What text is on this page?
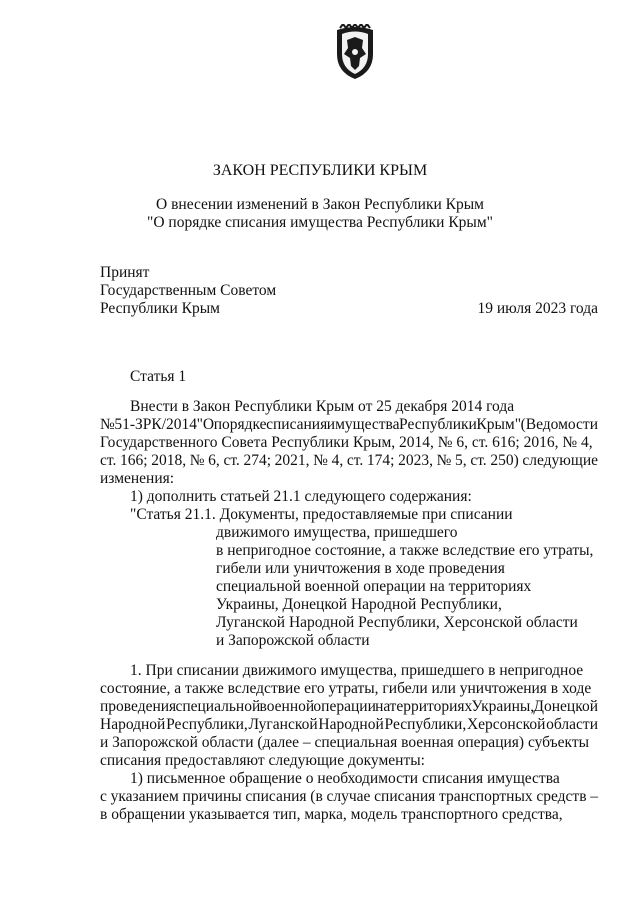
ЗАКОН РЕСПУБЛИКИ КРЫМ
О внесении изменений в Закон Республики Крым
"О порядке списания имущества Республики Крым"
Принят
Государственным Советом
Республики Крым	19 июля 2023 года
Статья 1
Внести в Закон Республики Крым от 25 декабря 2014 года
№ 51-ЗРК/2014 "О порядке списания имущества Республики Крым" (Ведомости
Государственного Совета Республики Крым, 2014, № 6, ст. 616; 2016, № 4,
ст. 166; 2018, № 6, ст. 274; 2021, № 4, ст. 174; 2023, № 5, ст. 250) следующие
изменения:
1) дополнить статьей 21.1 следующего содержания:
"Статья 21.1. Документы, предоставляемые при списании
движимого имущества, пришедшего
в непригодное состояние, а также вследствие его утраты,
гибели или уничтожения в ходе проведения
специальной военной операции на территориях
Украины, Донецкой Народной Республики,
Луганской Народной Республики, Херсонской области
и Запорожской области
1. При списании движимого имущества, пришедшего в непригодное
состояние, а также вследствие его утраты, гибели или уничтожения в ходе
проведения специальной военной операции на территориях Украины, Донецкой
Народной Республики, Луганской Народной Республики, Херсонской области
и Запорожской области (далее – специальная военная операция) субъекты
списания предоставляют следующие документы:
1) письменное обращение о необходимости списания имущества
с указанием причины списания (в случае списания транспортных средств –
в обращении указывается тип, марка, модель транспортного средства,
